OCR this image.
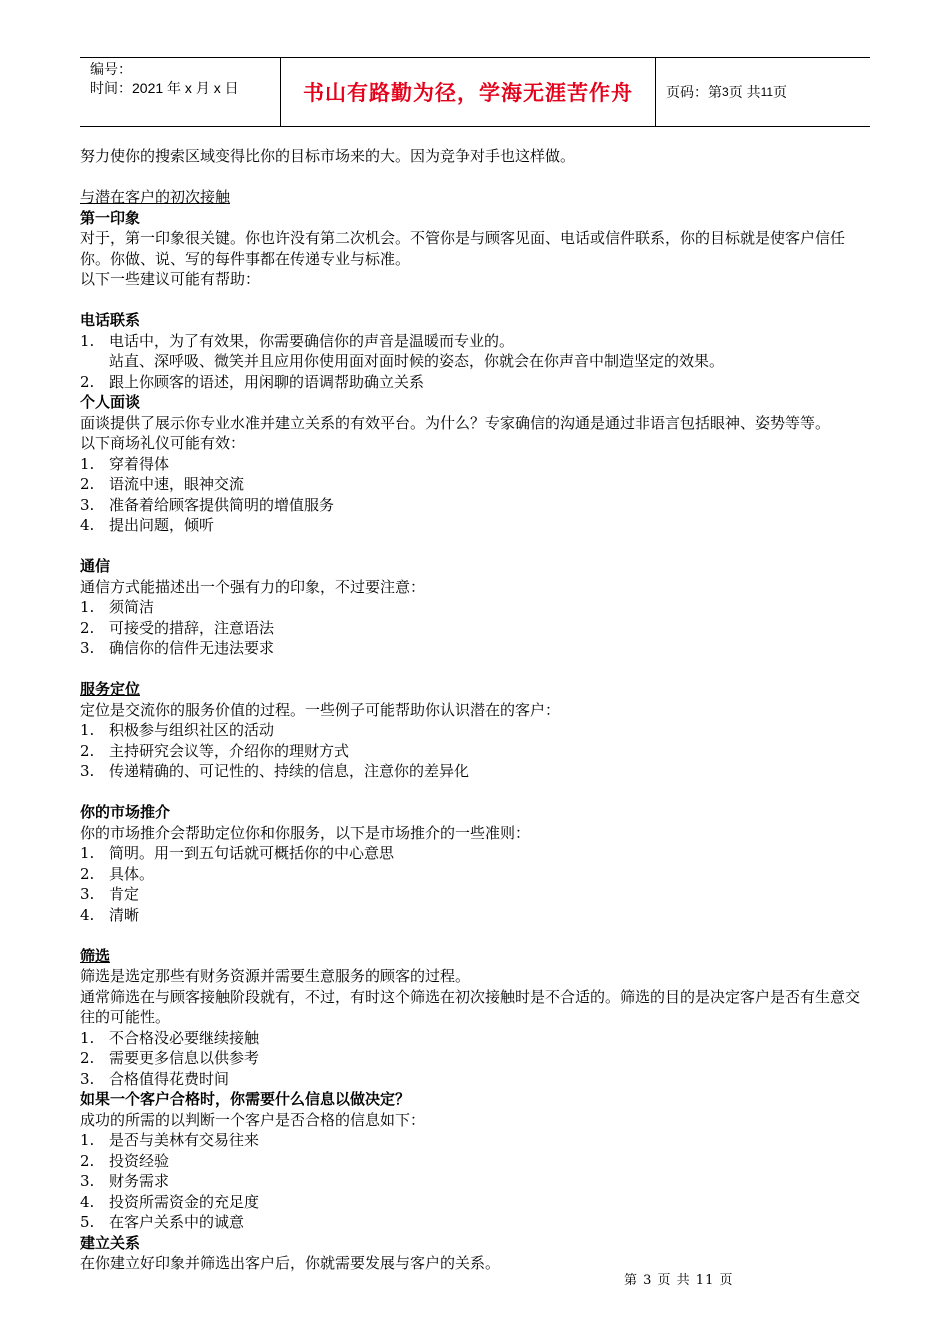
编号：
时间：2021 年 x 月 x 日	书山有路勤为径，学海无涯苦作舟 页码：第 3 页 共 11 页
努力使你的搜索区域变得比你的目标市场来的大。因为竞争对手也这样做。
与潜在客户的初次接触
第一印象
对于，第一印象很关键。你也许没有第二次机会。不管你是与顾客见面、电话或信件联系，你的目标就是使客户信任你。你做、说、写的每件事都在传递专业与标准。
以下一些建议可能有帮助：
电话联系
1. 电话中，为了有效果，你需要确信你的声音是温暖而专业的。
站直、深呼吸、微笑并且应用你使用面对面时候的姿态，你就会在你声音中制造坚定的效果。
2. 跟上你顾客的语述，用闲聊的语调帮助确立关系
个人面谈
面谈提供了展示你专业水准并建立关系的有效平台。为什么？专家确信的沟通是通过非语言包括眼神、姿势等等。
以下商场礼仪可能有效：
1. 穿着得体
2. 语流中速，眼神交流
3. 准备着给顾客提供简明的增值服务
4. 提出问题，倾听
通信
通信方式能描述出一个强有力的印象，不过要注意：
1. 须简洁
2. 可接受的措辞，注意语法
3. 确信你的信件无违法要求
服务定位
定位是交流你的服务价值的过程。一些例子可能帮助你认识潜在的客户：
1. 积极参与组织社区的活动
2. 主持研究会议等，介绍你的理财方式
3. 传递精确的、可记性的、持续的信息，注意你的差异化
你的市场推介
你的市场推介会帮助定位你和你服务，以下是市场推介的一些准则：
1. 简明。用一到五句话就可概括你的中心意思
2. 具体。
3. 肯定
4. 清晰
筛选
筛选是选定那些有财务资源并需要生意服务的顾客的过程。
通常筛选在与顾客接触阶段就有，不过，有时这个筛选在初次接触时是不合适的。筛选的目的是决定客户是否有生意交往的可能性。
1. 不合格没必要继续接触
2. 需要更多信息以供参考
3. 合格值得花费时间
如果一个客户合格时，你需要什么信息以做决定？
成功的所需的以判断一个客户是否合格的信息如下：
1. 是否与美林有交易往来
2. 投资经验
3. 财务需求
4. 投资所需资金的充足度
5. 在客户关系中的诚意
建立关系
在你建立好印象并筛选出客户后，你就需要发展与客户的关系。
第 3 页 共 11 页
